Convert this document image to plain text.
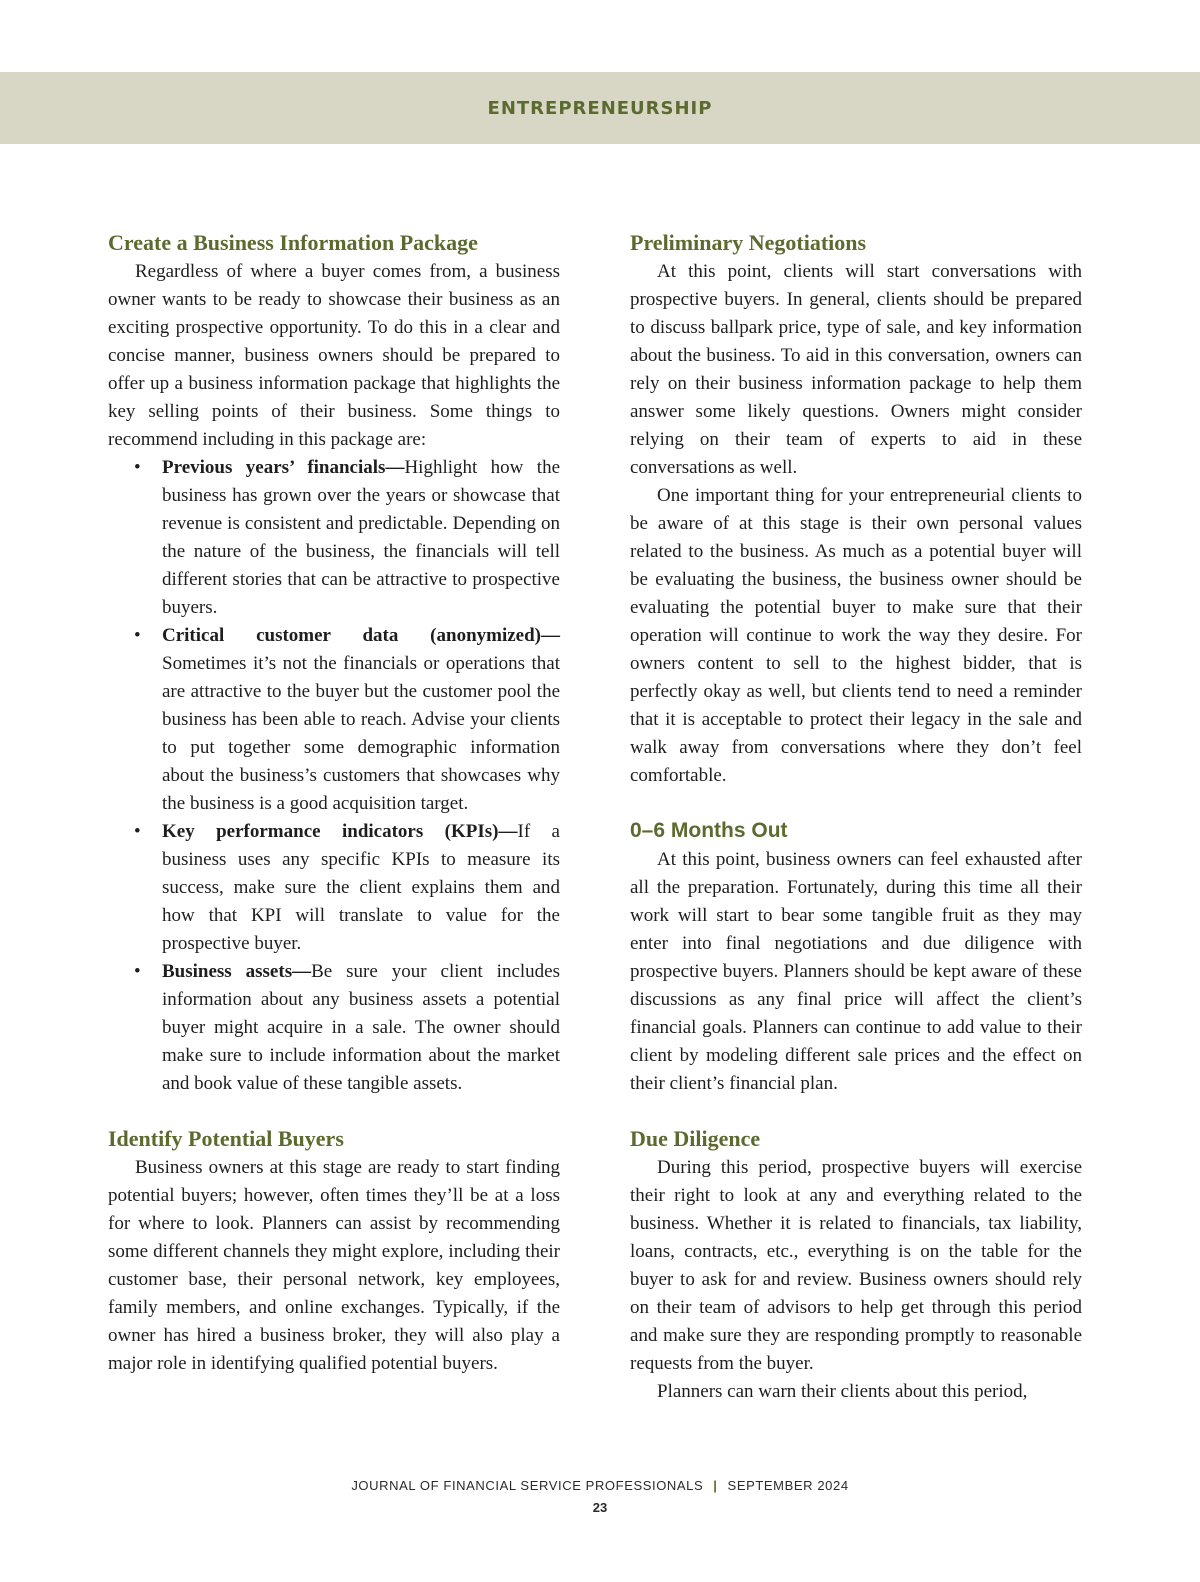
ENTREPRENEURSHIP
Create a Business Information Package

Regardless of where a buyer comes from, a business owner wants to be ready to showcase their business as an exciting prospective opportunity. To do this in a clear and concise manner, business owners should be prepared to offer up a business information package that highlights the key selling points of their business. Some things to recommend including in this package are:

• Previous years’ financials—Highlight how the business has grown over the years or showcase that revenue is consistent and predictable. Depending on the nature of the business, the financials will tell different stories that can be attractive to prospective buyers.
• Critical customer data (anonymized)—Sometimes it’s not the financials or operations that are attractive to the buyer but the customer pool the business has been able to reach. Advise your clients to put together some demographic information about the business’s customers that showcases why the business is a good acquisition target.
• Key performance indicators (KPIs)—If a business uses any specific KPIs to measure its success, make sure the client explains them and how that KPI will translate to value for the prospective buyer.
• Business assets—Be sure your client includes information about any business assets a potential buyer might acquire in a sale. The owner should make sure to include information about the market and book value of these tangible assets.
Identify Potential Buyers

Business owners at this stage are ready to start finding potential buyers; however, often times they’ll be at a loss for where to look. Planners can assist by recommending some different channels they might explore, including their customer base, their personal network, key employees, family members, and online exchanges. Typically, if the owner has hired a business broker, they will also play a major role in identifying qualified potential buyers.

Preliminary Negotiations

At this point, clients will start conversations with prospective buyers. In general, clients should be prepared to discuss ballpark price, type of sale, and key information about the business. To aid in this conversation, owners can rely on their business information package to help them answer some likely questions. Owners might consider relying on their team of experts to aid in these conversations as well.

One important thing for your entrepreneurial clients to be aware of at this stage is their own personal values related to the business. As much as a potential buyer will be evaluating the business, the business owner should be evaluating the potential buyer to make sure that their operation will continue to work the way they desire. For owners content to sell to the highest bidder, that is perfectly okay as well, but clients tend to need a reminder that it is acceptable to protect their legacy in the sale and walk away from conversations where they don’t feel comfortable.

0–6 Months Out

At this point, business owners can feel exhausted after all the preparation. Fortunately, during this time all their work will start to bear some tangible fruit as they may enter into final negotiations and due diligence with prospective buyers. Planners should be kept aware of these discussions as any final price will affect the client’s financial goals. Planners can continue to add value to their client by modeling different sale prices and the effect on their client’s financial plan.

Due Diligence

During this period, prospective buyers will exercise their right to look at any and everything related to the business. Whether it is related to financials, tax liability, loans, contracts, etc., everything is on the table for the buyer to ask for and review. Business owners should rely on their team of advisors to help get through this period and make sure they are responding promptly to reasonable requests from the buyer.

Planners can warn their clients about this period,

JOURNAL OF FINANCIAL SERVICE PROFESSIONALS | SEPTEMBER 2024
23
